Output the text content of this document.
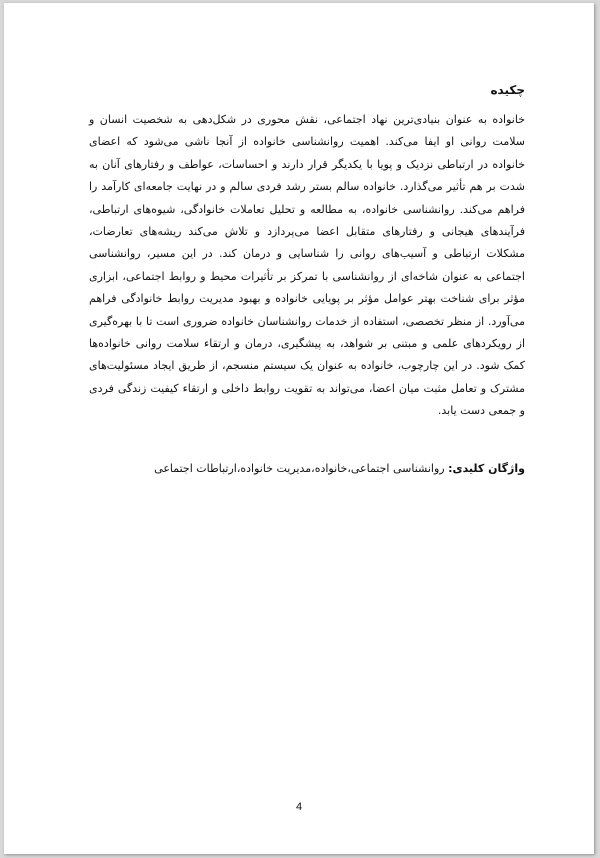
چکیده

خانواده به عنوان بنیادی‌ترین نهاد اجتماعی، نقش محوری در شکل‌دهی به شخصیت انسان و سلامت روانی او ایفا می‌کند. اهمیت روانشناسی خانواده از آنجا ناشی می‌شود که اعضای خانواده در ارتباطی نزدیک و پویا با یکدیگر قرار دارند و احساسات، عواطف و رفتارهای آنان به شدت بر هم تأثیر می‌گذارد. خانواده سالم بستر رشد فردی سالم و در نهایت جامعه‌ای کارآمد را فراهم می‌کند. روانشناسی خانواده، به مطالعه و تحلیل تعاملات خانوادگی، شیوه‌های ارتباطی، فرآیندهای هیجانی و رفتارهای متقابل اعضا می‌پردازد و تلاش می‌کند ریشه‌های تعارضات، مشکلات ارتباطی و آسیب‌های روانی را شناسایی و درمان کند. در این مسیر، روانشناسی اجتماعی به عنوان شاخه‌ای از روانشناسی با تمرکز بر تأثیرات محیط و روابط اجتماعی، ابزاری مؤثر برای شناخت بهتر عوامل مؤثر بر پویایی خانواده و بهبود مدیریت روابط خانوادگی فراهم می‌آورد. از منظر تخصصی، استفاده از خدمات روانشناسان خانواده ضروری است تا با بهره‌گیری از رویکردهای علمی و مبتنی بر شواهد، به پیشگیری، درمان و ارتقاء سلامت روانی خانواده‌ها کمک شود. در این چارچوب، خانواده به عنوان یک سیستم منسجم، از طریق ایجاد مسئولیت‌های مشترک و تعامل مثبت میان اعضا، می‌تواند به تقویت روابط داخلی و ارتقاء کیفیت زندگی فردی و جمعی دست یابد.

واژگان کلیدی: روانشناسی اجتماعی،خانواده،مدیریت خانواده،ارتباطات اجتماعی
4
